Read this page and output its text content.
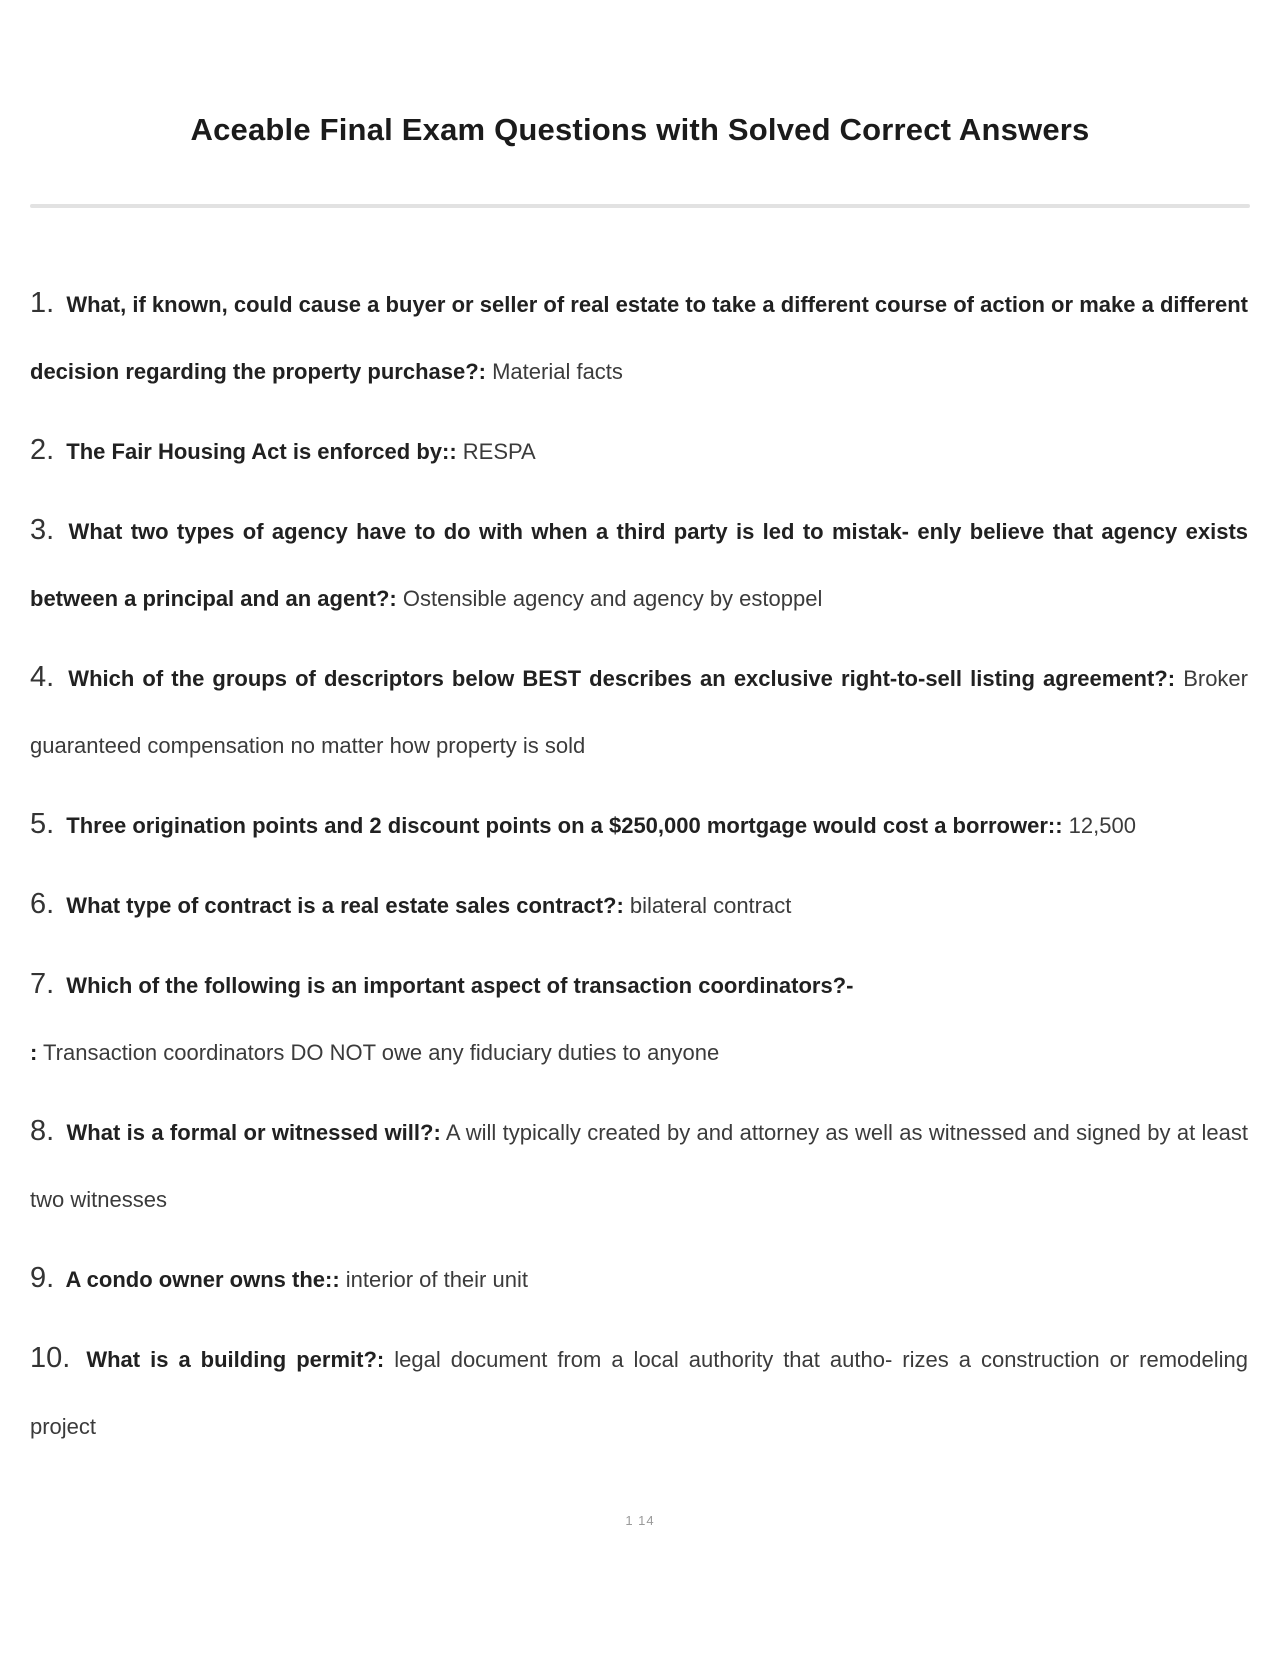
Aceable Final Exam Questions with Solved Correct Answers

1. What, if known, could cause a buyer or seller of real estate to take a different course of action or make a different decision regarding the property purchase?: Material facts

2. The Fair Housing Act is enforced by:: RESPA

3. What two types of agency have to do with when a third party is led to mistak- enly believe that agency exists between a principal and an agent?: Ostensible agency and agency by estoppel

4. Which of the groups of descriptors below BEST describes an exclusive right-to-sell listing agreement?: Broker guaranteed compensation no matter how property is sold

5. Three origination points and 2 discount points on a $250,000 mortgage would cost a borrower:: 12,500

6. What type of contract is a real estate sales contract?: bilateral contract

7. Which of the following is an important aspect of transaction coordinators?-
: Transaction coordinators DO NOT owe any fiduciary duties to anyone

8. What is a formal or witnessed will?: A will typically created by and attorney as well as witnessed and signed by at least two witnesses

9. A condo owner owns the:: interior of their unit

10. What is a building permit?: legal document from a local authority that autho- rizes a construction or remodeling project

1 14
